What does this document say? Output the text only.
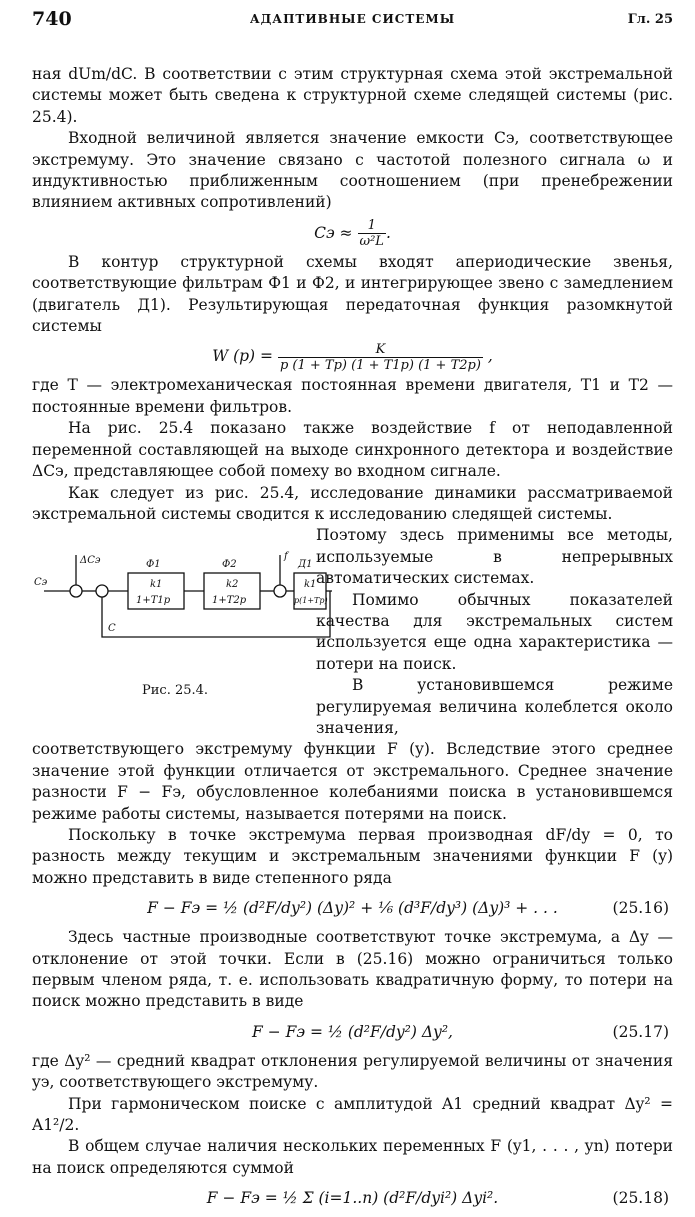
740	АДАПТИВНЫЕ СИСТЕМЫ	Гл. 25

ная dUm/dC. В соответствии с этим структурная схема этой экстремальной системы может быть сведена к структурной схеме следящей системы (рис. 25.4).

Входной величиной является значение емкости Cэ, соответствующее экстремуму. Это значение связано с частотой полезного сигнала ω и индуктивностью приближенным соотношением (при пренебрежении влиянием активных сопротивлений)

Cэ ≈ $\frac{1}{\text{ω²L}}$ .

В контур структурной схемы входят апериодические звенья, соответствующие фильтрам Ф1 и Ф2, и интегрирующее звено с замедлением (двигатель Д1). Результирующая передаточная функция разомкнутой системы

W $(p) = \frac{K}{p (1 + Tp) (1 + T1p) (1 + T2p)}$ ,

где T — электромеханическая постоянная времени двигателя, T1 и T2 — постоянные времени фильтров.

На рис. 25.4 показано также воздействие f от неподавленной переменной составляющей на выходе синхронного детектора и воздействие ΔCэ, представляющее собой помеху во входном сигнале.

Как следует из рис. 25.4, исследование динамики рассматриваемой экстремальной системы сводится к исследованию следящей системы.

Cэ
ΔCэ	Ф1
k1
1+T1p
Ф2
k2
1+T2p
f
Д1
k1
p(1+Tp)
C
Рис. 25.4.

Поэтому здесь применимы все методы, используемые в непрерывных автоматических системах.

Помимо обычных показателей качества для экстремальных систем используется еще одна характеристика — потери на поиск.

В установившемся режиме регулируемая величина колеблется около значения,

соответствующего экстремуму функции F (y). Вследствие этого среднее значение этой функции отличается от экстремального. Среднее значение разности F − Fэ, обусловленное колебаниями поиска в установившемся режиме работы системы, называется потерями на поиск.

Поскольку в точке экстремума первая производная dF/dy = 0, то разность между текущим и экстремальным значениями функции F (y) можно представить в виде степенного ряда

F − Fэ = ½ (d²F/dy²) (Δy)² + ⅙ (d³F/dy³) (Δy)³ + . . .	(25.16)

Здесь частные производные соответствуют точке экстремума, а Δy — отклонение от этой точки. Если в (25.16) можно ограничиться только первым членом ряда, т. е. использовать квадратичную форму, то потери на поиск можно представить в виде

F − Fэ = ½ (d²F/dy²) Δy²,	(25.17)

где Δy² — средний квадрат отклонения регулируемой величины от значения yэ, соответствующего экстремуму.

При гармоническом поиске с амплитудой A1 средний квадрат Δy² = A1²/2.

В общем случае наличия нескольких переменных F (y1, . . . , yn) потери на поиск определяются суммой

F − Fэ = ½ Σ (i=1..n) (d²F/dyi²) Δyi².	(25.18)
